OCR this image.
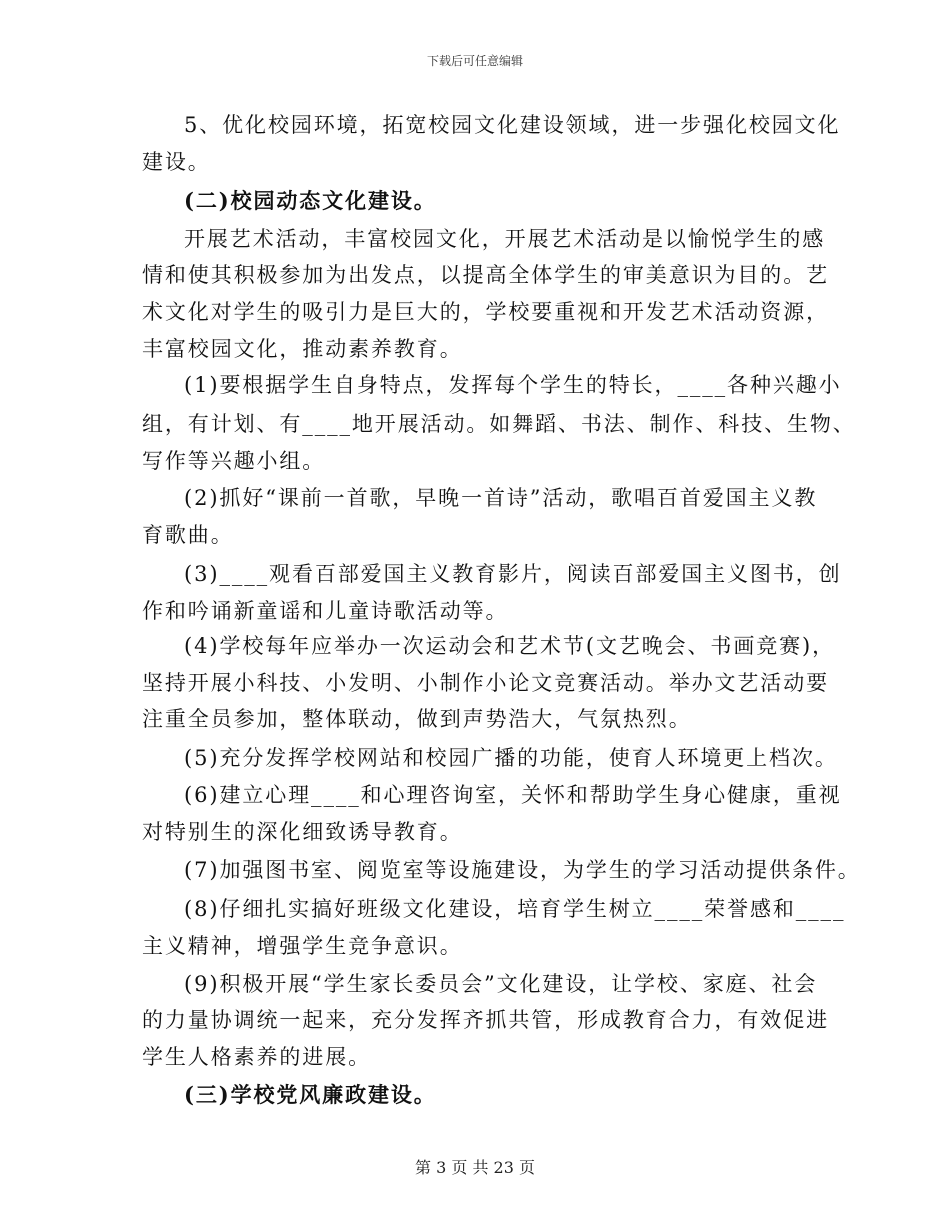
下载后可任意编辑
5、优化校园环境，拓宽校园文化建设领域，进一步强化校园文化
建设。
(二)校园动态文化建设。
开展艺术活动，丰富校园文化，开展艺术活动是以愉悦学生的感
情和使其积极参加为出发点，以提高全体学生的审美意识为目的。艺
术文化对学生的吸引力是巨大的，学校要重视和开发艺术活动资源，
丰富校园文化，推动素养教育。
(1)要根据学生自身特点，发挥每个学生的特长，____各种兴趣小
组，有计划、有____地开展活动。如舞蹈、书法、制作、科技、生物、
写作等兴趣小组。
(2)抓好“课前一首歌，早晚一首诗”活动，歌唱百首爱国主义教
育歌曲。
(3)____观看百部爱国主义教育影片，阅读百部爱国主义图书，创
作和吟诵新童谣和儿童诗歌活动等。
(4)学校每年应举办一次运动会和艺术节(文艺晚会、书画竞赛)，
坚持开展小科技、小发明、小制作小论文竞赛活动。举办文艺活动要
注重全员参加，整体联动，做到声势浩大，气氛热烈。
(5)充分发挥学校网站和校园广播的功能，使育人环境更上档次。
(6)建立心理____和心理咨询室，关怀和帮助学生身心健康，重视
对特别生的深化细致诱导教育。
(7)加强图书室、阅览室等设施建设，为学生的学习活动提供条件。
(8)仔细扎实搞好班级文化建设，培育学生树立____荣誉感和____
主义精神，增强学生竞争意识。
(9)积极开展“学生家长委员会”文化建设，让学校、家庭、社会
的力量协调统一起来，充分发挥齐抓共管，形成教育合力，有效促进
学生人格素养的进展。
(三)学校党风廉政建设。
第 3 页 共 23 页
